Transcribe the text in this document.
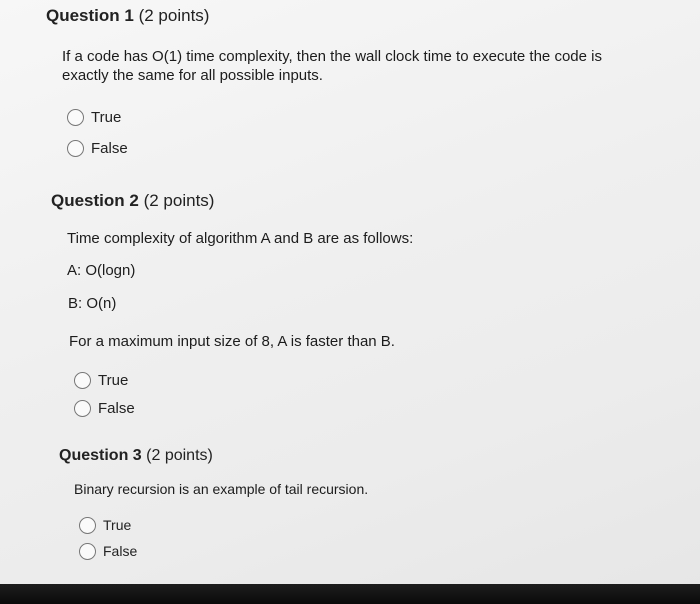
Question 1 (2 points)
If a code has O(1) time complexity, then the wall clock time to execute the code is
exactly the same for all possible inputs.
True
False
Question 2 (2 points)
Time complexity of algorithm A and B are as follows:
A: O(logn)
B: O(n)
For a maximum input size of 8, A is faster than B.
True
False
Question 3 (2 points)
Binary recursion is an example of tail recursion.
True
False
